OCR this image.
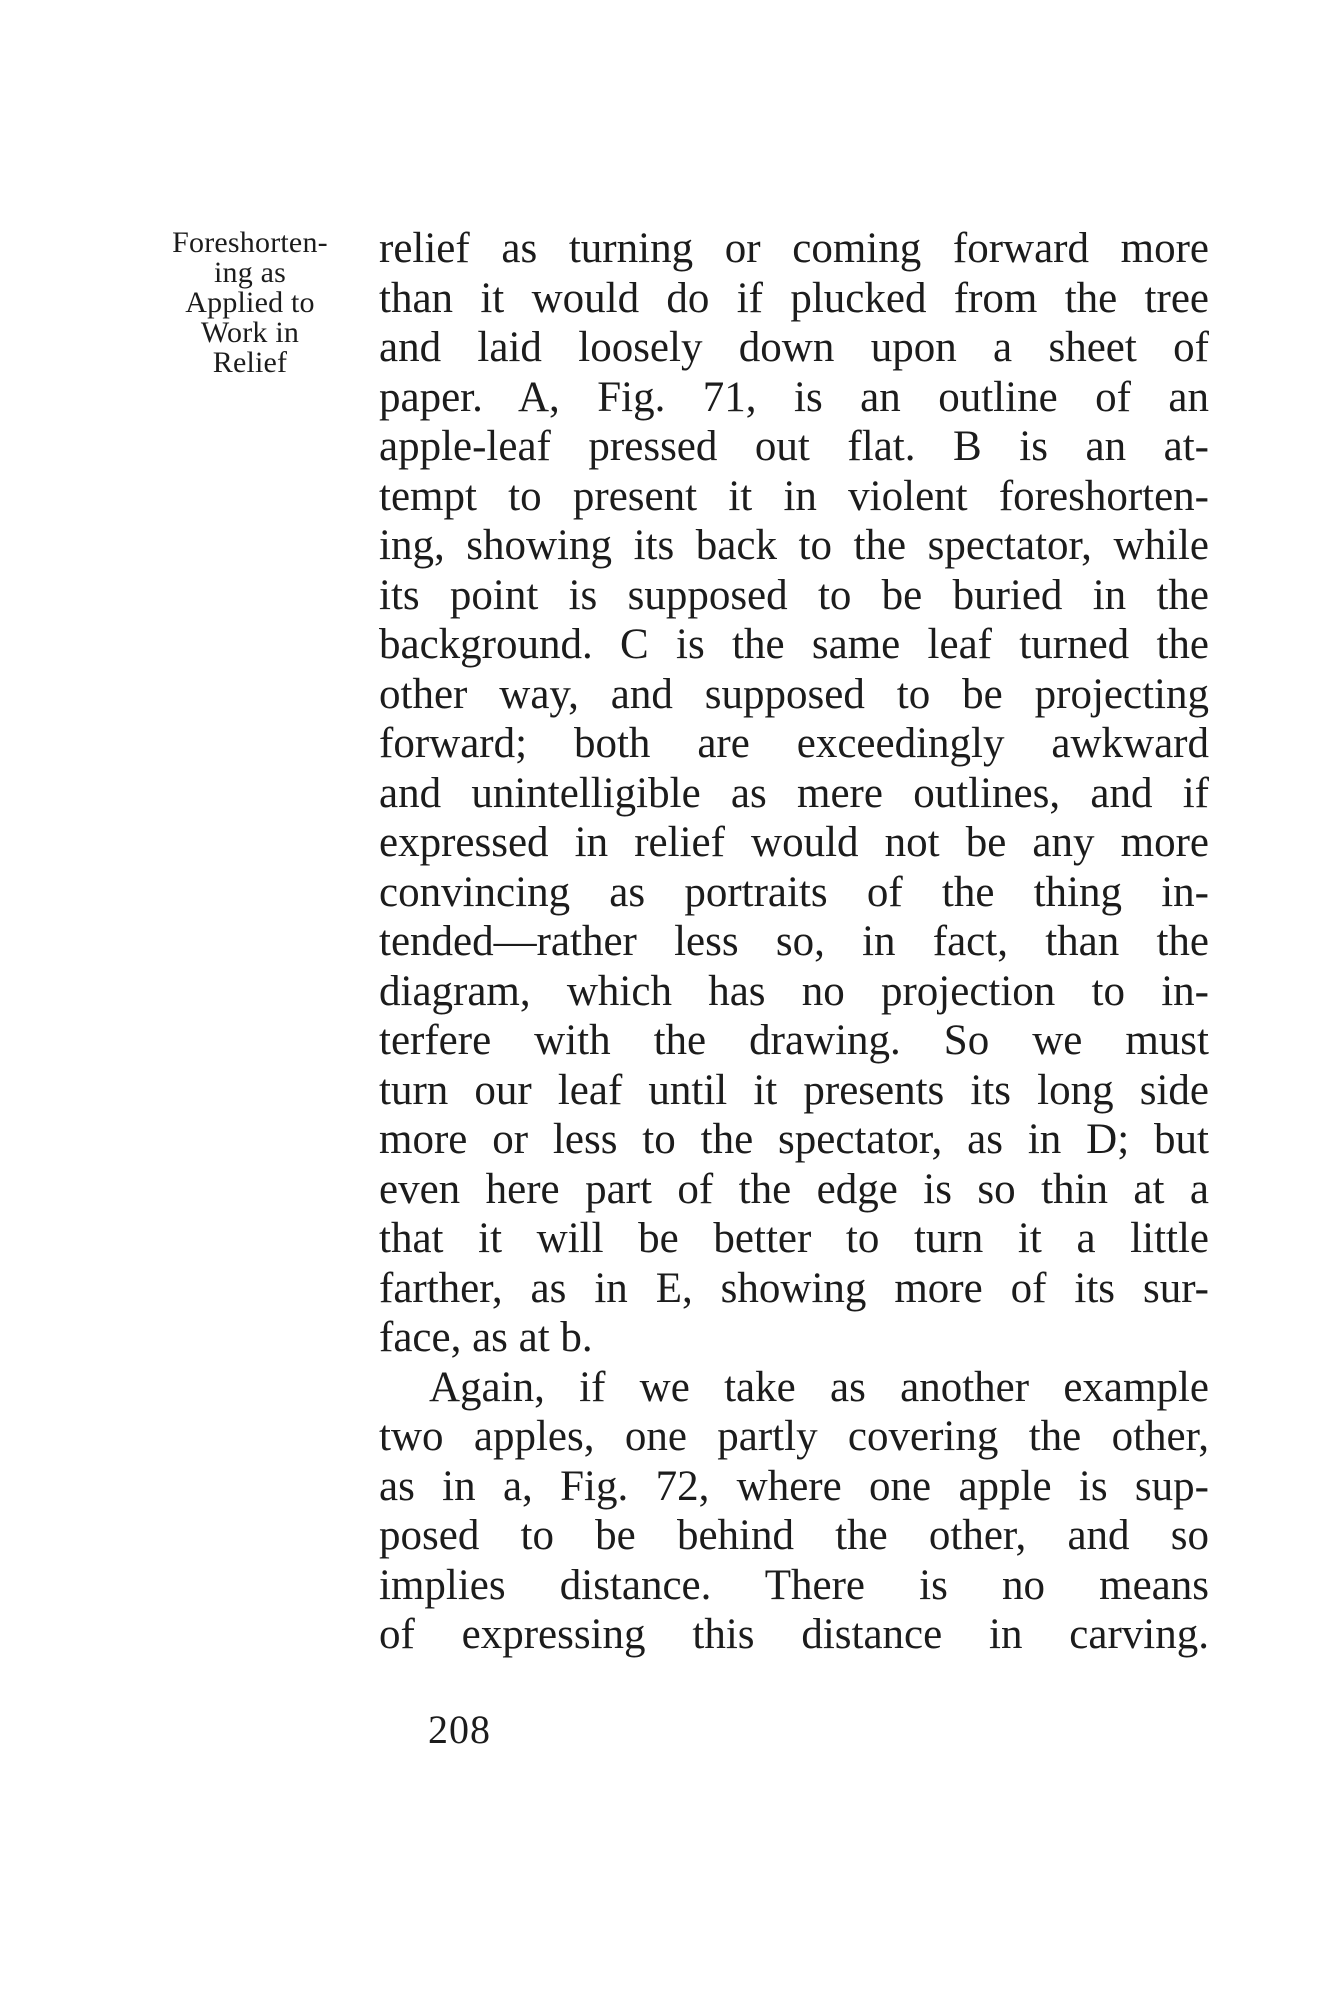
Foreshorten-
ing as
Applied to
Work in
Relief
relief as turning or coming forward more
than it would do if plucked from the tree
and laid loosely down upon a sheet of
paper. A, Fig. 71, is an outline of an
apple-leaf pressed out flat. B is an at-
tempt to present it in violent foreshorten-
ing, showing its back to the spectator, while
its point is supposed to be buried in the
background. C is the same leaf turned the
other way, and supposed to be projecting
forward; both are exceedingly awkward
and unintelligible as mere outlines, and if
expressed in relief would not be any more
convincing as portraits of the thing in-
tended—rather less so, in fact, than the
diagram, which has no projection to in-
terfere with the drawing. So we must
turn our leaf until it presents its long side
more or less to the spectator, as in D; but
even here part of the edge is so thin at a
that it will be better to turn it a little
farther, as in E, showing more of its sur-
face, as at b.
Again, if we take as another example
two apples, one partly covering the other,
as in a, Fig. 72, where one apple is sup-
posed to be behind the other, and so
implies distance. There is no means
of expressing this distance in carving.
208
